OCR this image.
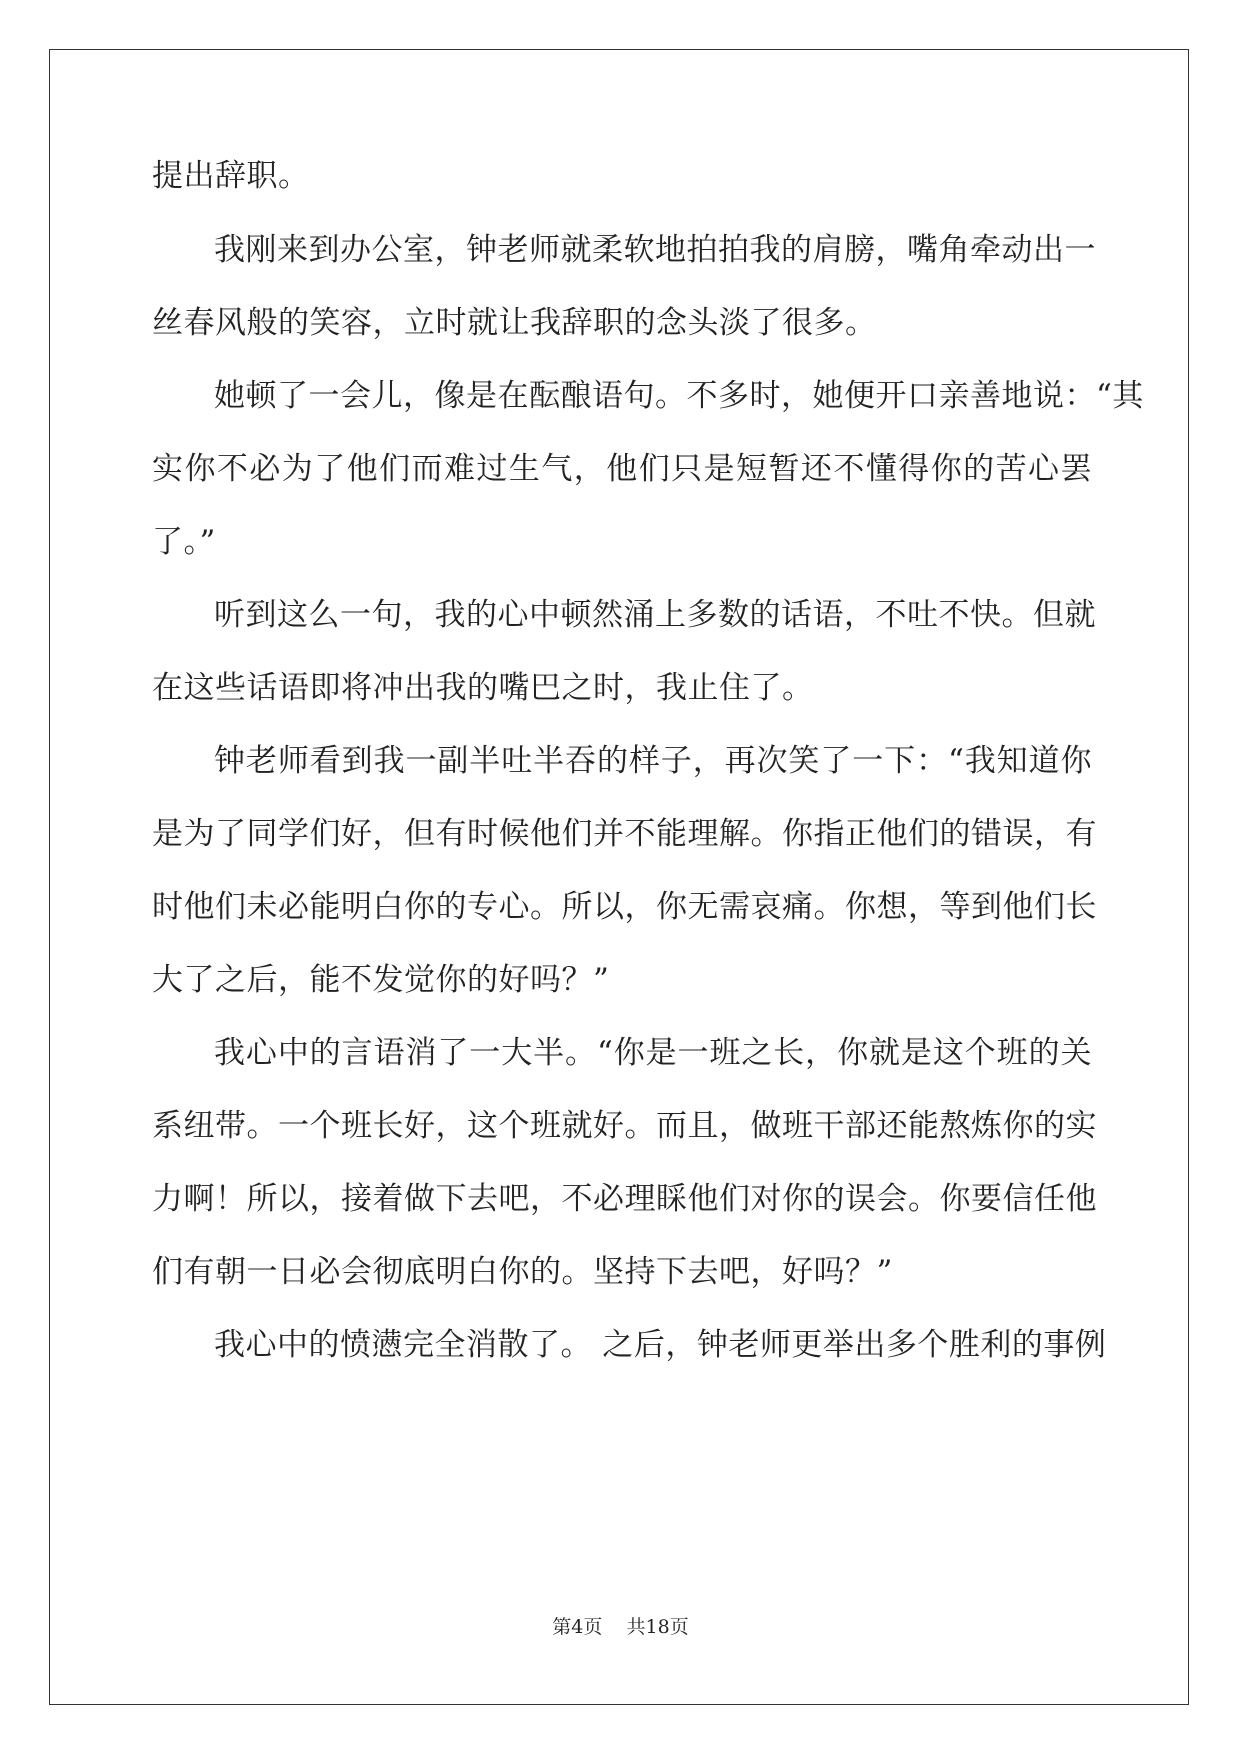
提出辞职。
我刚来到办公室，钟老师就柔软地拍拍我的肩膀，嘴角牵动出一
丝春风般的笑容，立时就让我辞职的念头淡了很多。
她顿了一会儿，像是在酝酿语句。不多时，她便开口亲善地说：“其
实你不必为了他们而难过生气，他们只是短暂还不懂得你的苦心罢
了。”
听到这么一句，我的心中顿然涌上多数的话语，不吐不快。但就
在这些话语即将冲出我的嘴巴之时，我止住了。
钟老师看到我一副半吐半吞的样子，再次笑了一下：“我知道你
是为了同学们好，但有时候他们并不能理解。你指正他们的错误，有
时他们未必能明白你的专心。所以，你无需哀痛。你想，等到他们长
大了之后，能不发觉你的好吗？”
我心中的言语消了一大半。“你是一班之长，你就是这个班的关
系纽带。一个班长好，这个班就好。而且，做班干部还能熬炼你的实
力啊！所以，接着做下去吧，不必理睬他们对你的误会。你要信任他
们有朝一日必会彻底明白你的。坚持下去吧，好吗？”
我心中的愤懑完全消散了。 之后，钟老师更举出多个胜利的事例
第4页 共18页
